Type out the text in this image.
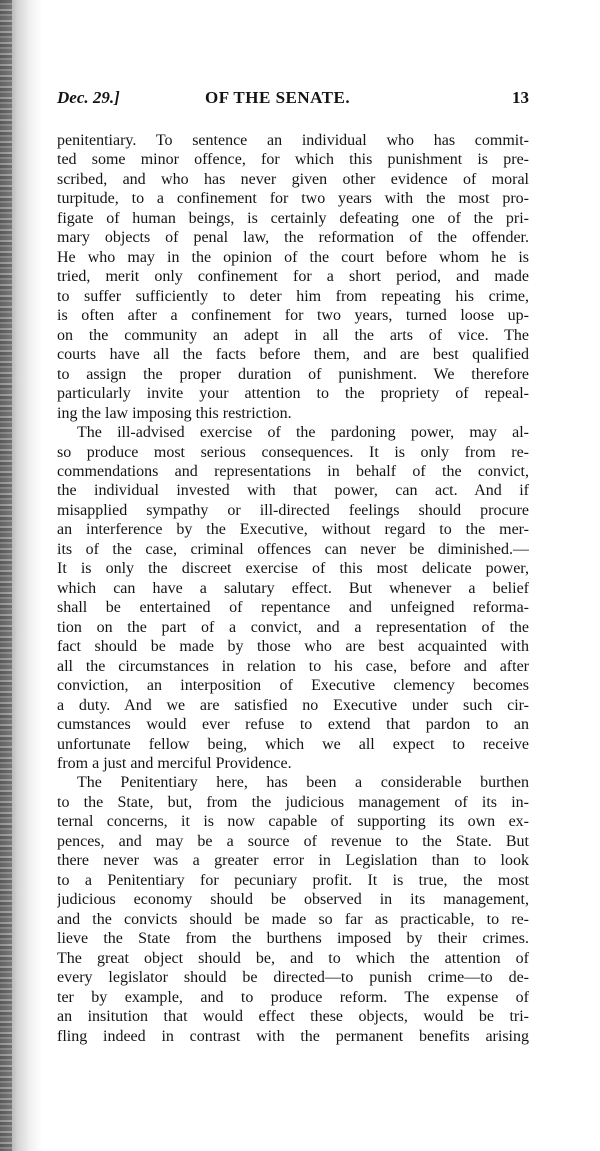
Dec. 29.]	OF THE SENATE.	13
penitentiary. To sentence an individual who has commit-
ted some minor offence, for which this punishment is pre-
scribed, and who has never given other evidence of moral
turpitude, to a confinement for two years with the most pro-
figate of human beings, is certainly defeating one of the pri-
mary objects of penal law, the reformation of the offender.
He who may in the opinion of the court before whom he is
tried, merit only confinement for a short period, and made
to suffer sufficiently to deter him from repeating his crime,
is often after a confinement for two years, turned loose up-
on the community an adept in all the arts of vice. The
courts have all the facts before them, and are best qualified
to assign the proper duration of punishment. We therefore
particularly invite your attention to the propriety of repeal-
ing the law imposing this restriction.
The ill-advised exercise of the pardoning power, may al-
so produce most serious consequences. It is only from re-
commendations and representations in behalf of the convict,
the individual invested with that power, can act. And if
misapplied sympathy or ill-directed feelings should procure
an interference by the Executive, without regard to the mer-
its of the case, criminal offences can never be diminished.—
It is only the discreet exercise of this most delicate power,
which can have a salutary effect. But whenever a belief
shall be entertained of repentance and unfeigned reforma-
tion on the part of a convict, and a representation of the
fact should be made by those who are best acquainted with
all the circumstances in relation to his case, before and after
conviction, an interposition of Executive clemency becomes
a duty. And we are satisfied no Executive under such cir-
cumstances would ever refuse to extend that pardon to an
unfortunate fellow being, which we all expect to receive
from a just and merciful Providence.
The Penitentiary here, has been a considerable burthen
to the State, but, from the judicious management of its in-
ternal concerns, it is now capable of supporting its own ex-
pences, and may be a source of revenue to the State. But
there never was a greater error in Legislation than to look
to a Penitentiary for pecuniary profit. It is true, the most
judicious economy should be observed in its management,
and the convicts should be made so far as practicable, to re-
lieve the State from the burthens imposed by their crimes.
The great object should be, and to which the attention of
every legislator should be directed—to punish crime—to de-
ter by example, and to produce reform. The expense of
an insitution that would effect these objects, would be tri-
fling indeed in contrast with the permanent benefits arising
